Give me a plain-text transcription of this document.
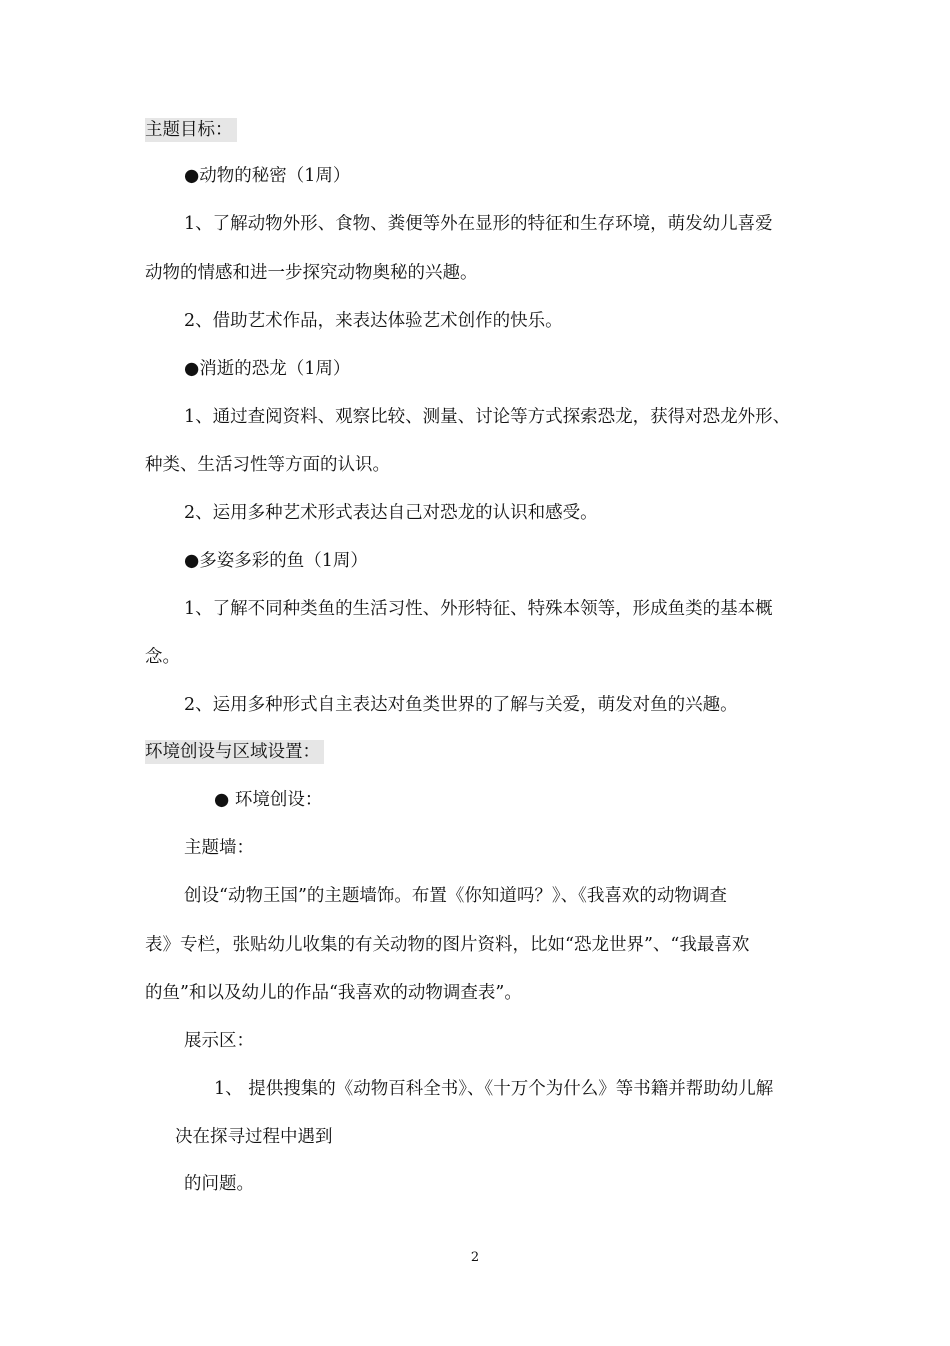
主题目标：
●动物的秘密（1周）
1、了解动物外形、食物、粪便等外在显形的特征和生存环境，萌发幼儿喜爱
动物的情感和进一步探究动物奥秘的兴趣。
2、借助艺术作品，来表达体验艺术创作的快乐。
●消逝的恐龙（1周）
1、通过查阅资料、观察比较、测量、讨论等方式探索恐龙，获得对恐龙外形、
种类、生活习性等方面的认识。
2、运用多种艺术形式表达自己对恐龙的认识和感受。
●多姿多彩的鱼（1周）
1、了解不同种类鱼的生活习性、外形特征、特殊本领等，形成鱼类的基本概
念。
2、运用多种形式自主表达对鱼类世界的了解与关爱，萌发对鱼的兴趣。
环境创设与区域设置：
● 环境创设：
主题墙：
创设“动物王国”的主题墙饰。布置《你知道吗？》、《我喜欢的动物调查
表》专栏，张贴幼儿收集的有关动物的图片资料，比如“恐龙世界”、“我最喜欢
的鱼”和以及幼儿的作品“我喜欢的动物调查表”。
展示区：
1、 提供搜集的《动物百科全书》、《十万个为什么》等书籍并帮助幼儿解
决在探寻过程中遇到
的问题。
2
